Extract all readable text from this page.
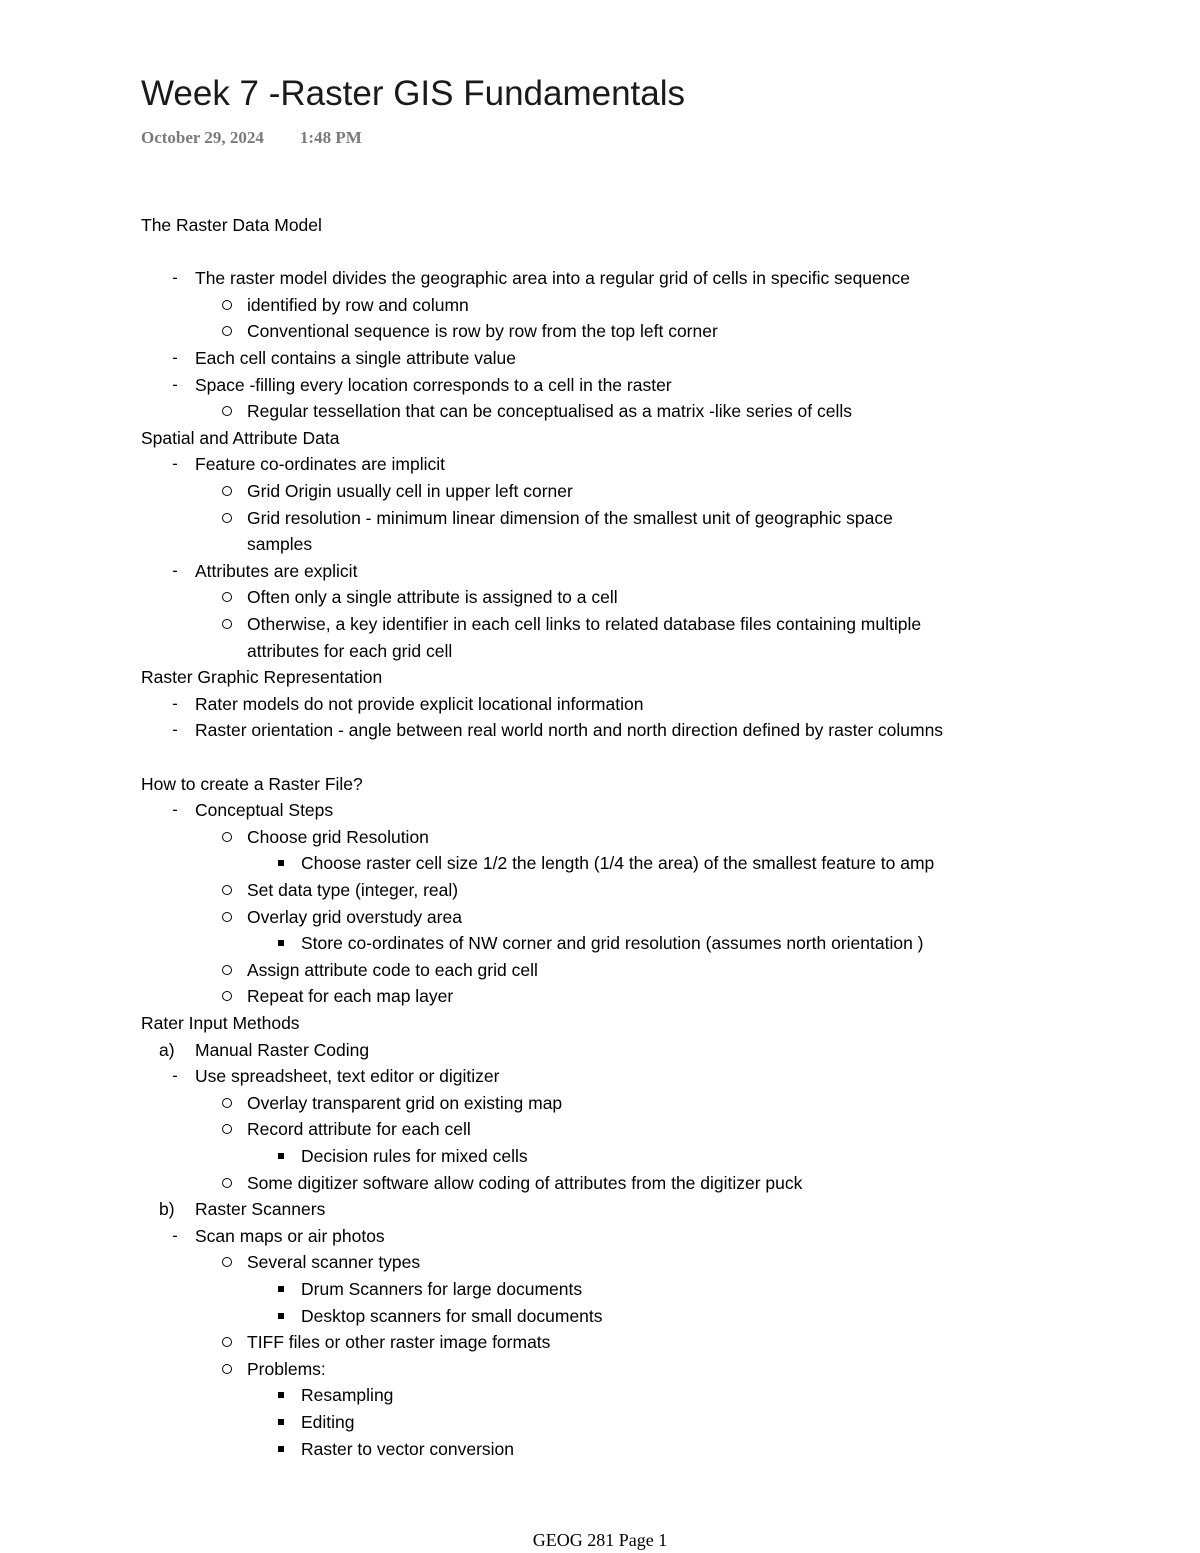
Week 7 -Raster GIS Fundamentals
October 29, 2024 1:48 PM
The Raster Data Model
- The raster model divides the geographic area into a regular grid of cells in specific sequence
identified by row and column
Conventional sequence is row by row from the top left corner
- Each cell contains a single attribute value
- Space -filling every location corresponds to a cell in the raster
Regular tessellation that can be conceptualised as a matrix -like series of cells
Spatial and Attribute Data
- Feature co-ordinates are implicit
Grid Origin usually cell in upper left corner
Grid resolution - minimum linear dimension of the smallest unit of geographic space
samples
- Attributes are explicit
Often only a single attribute is assigned to a cell
Otherwise, a key identifier in each cell links to related database files containing multiple
attributes for each grid cell
Raster Graphic Representation
- Rater models do not provide explicit locational information
- Raster orientation - angle between real world north and north direction defined by raster columns
How to create a Raster File?
- Conceptual Steps
Choose grid Resolution
Choose raster cell size 1/2 the length (1/4 the area) of the smallest feature to amp
Set data type (integer, real)
Overlay grid overstudy area
Store co-ordinates of NW corner and grid resolution (assumes north orientation )
Assign attribute code to each grid cell
Repeat for each map layer
Rater Input Methods
a)	Manual Raster Coding
- Use spreadsheet, text editor or digitizer
Overlay transparent grid on existing map
Record attribute for each cell
Decision rules for mixed cells
Some digitizer software allow coding of attributes from the digitizer puck
b)	Raster Scanners
- Scan maps or air photos
Several scanner types
Drum Scanners for large documents
Desktop scanners for small documents
TIFF files or other raster image formats
Problems:
Resampling
Editing
Raster to vector conversion
GEOG 281 Page 1
